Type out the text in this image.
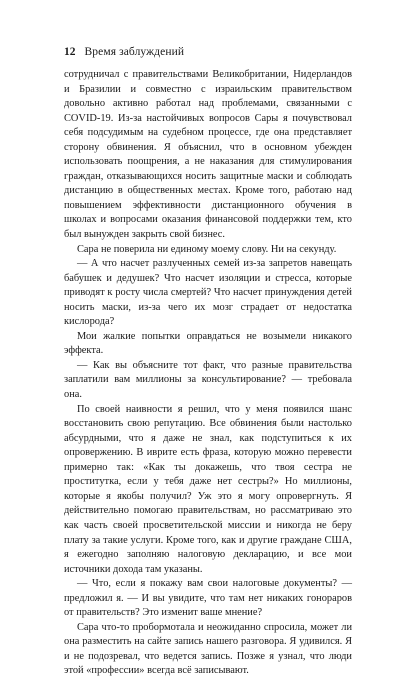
12 Время заблуждений

сотрудничал с правительствами Великобритании, Нидерландов и Бразилии и совместно с израильским правительством довольно активно работал над проблемами, связанными с COVID-19. Из-за настойчивых вопросов Сары я почувствовал себя подсудимым на судебном процессе, где она представляет сторону обвинения. Я объяснил, что в основном убежден использовать поощрения, а не наказания для стимулирования граждан, отказывающихся носить защитные маски и соблюдать дистанцию в общественных местах. Кроме того, работаю над повышением эффективности дистанционного обучения в школах и вопросами оказания финансовой поддержки тем, кто был вынужден закрыть свой бизнес.

Сара не поверила ни единому моему слову. Ни на секунду.

— А что насчет разлученных семей из-за запретов навещать бабушек и дедушек? Что насчет изоляции и стресса, которые приводят к росту числа смертей? Что насчет принуждения детей носить маски, из-за чего их мозг страдает от недостатка кислорода?

Мои жалкие попытки оправдаться не возымели никакого эффекта.

— Как вы объясните тот факт, что разные правительства заплатили вам миллионы за консультирование? — требовала она.

По своей наивности я решил, что у меня появился шанс восстановить свою репутацию. Все обвинения были настолько абсурдными, что я даже не знал, как подступиться к их опровержению. В иврите есть фраза, которую можно перевести примерно так: «Как ты докажешь, что твоя сестра не проститутка, если у тебя даже нет сестры?» Но миллионы, которые я якобы получил? Уж это я могу опровергнуть. Я действительно помогаю правительствам, но рассматриваю это как часть своей просветительской миссии и никогда не беру плату за такие услуги. Кроме того, как и другие граждане США, я ежегодно заполняю налоговую декларацию, и все мои источники дохода там указаны.

— Что, если я покажу вам свои налоговые документы? — предложил я. — И вы увидите, что там нет никаких гонораров от правительств? Это изменит ваше мнение?

Сара что-то пробормотала и неожиданно спросила, может ли она разместить на сайте запись нашего разговора. Я удивился. Я и не подозревал, что ведется запись. Позже я узнал, что люди этой «профессии» всегда всё записывают.
